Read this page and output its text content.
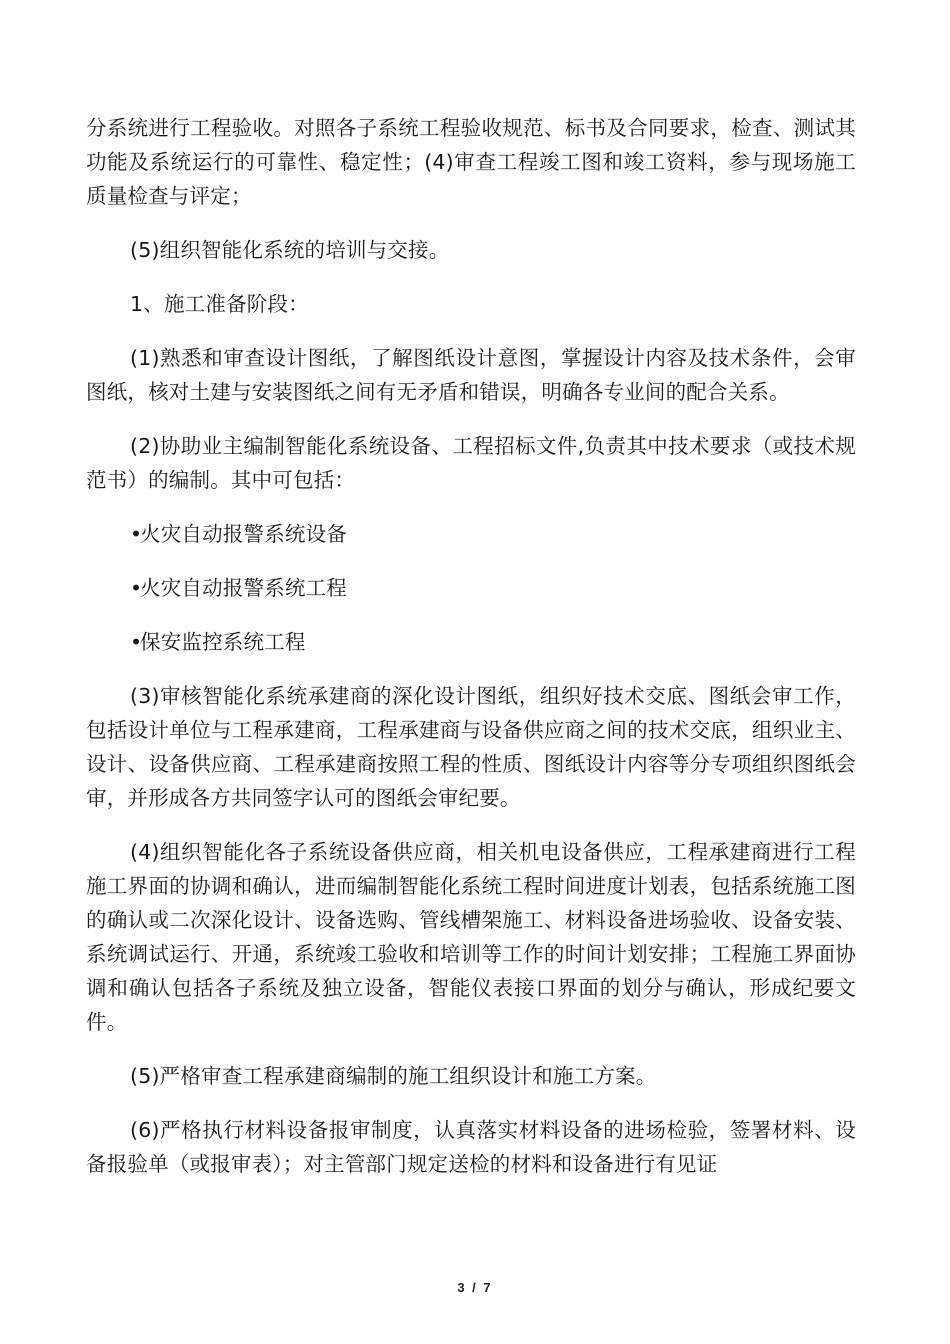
分系统进行工程验收。对照各子系统工程验收规范、标书及合同要求，检查、测试其功能及系统运行的可靠性、稳定性；(4)审查工程竣工图和竣工资料，参与现场施工质量检查与评定；

(5)组织智能化系统的培训与交接。

1、施工准备阶段：

(1)熟悉和审查设计图纸，了解图纸设计意图，掌握设计内容及技术条件，会审图纸，核对土建与安装图纸之间有无矛盾和错误，明确各专业间的配合关系。

(2)协助业主编制智能化系统设备、工程招标文件,负责其中技术要求（或技术规范书）的编制。其中可包括：

•火灾自动报警系统设备

•火灾自动报警系统工程

•保安监控系统工程

(3)审核智能化系统承建商的深化设计图纸，组织好技术交底、图纸会审工作，包括设计单位与工程承建商，工程承建商与设备供应商之间的技术交底，组织业主、设计、设备供应商、工程承建商按照工程的性质、图纸设计内容等分专项组织图纸会审，并形成各方共同签字认可的图纸会审纪要。

(4)组织智能化各子系统设备供应商，相关机电设备供应，工程承建商进行工程施工界面的协调和确认，进而编制智能化系统工程时间进度计划表，包括系统施工图的确认或二次深化设计、设备选购、管线槽架施工、材料设备进场验收、设备安装、系统调试运行、开通，系统竣工验收和培训等工作的时间计划安排；工程施工界面协调和确认包括各子系统及独立设备，智能仪表接口界面的划分与确认，形成纪要文件。

(5)严格审查工程承建商编制的施工组织设计和施工方案。

(6)严格执行材料设备报审制度，认真落实材料设备的进场检验，签署材料、设备报验单（或报审表）；对主管部门规定送检的材料和设备进行有见证

3 / 7
